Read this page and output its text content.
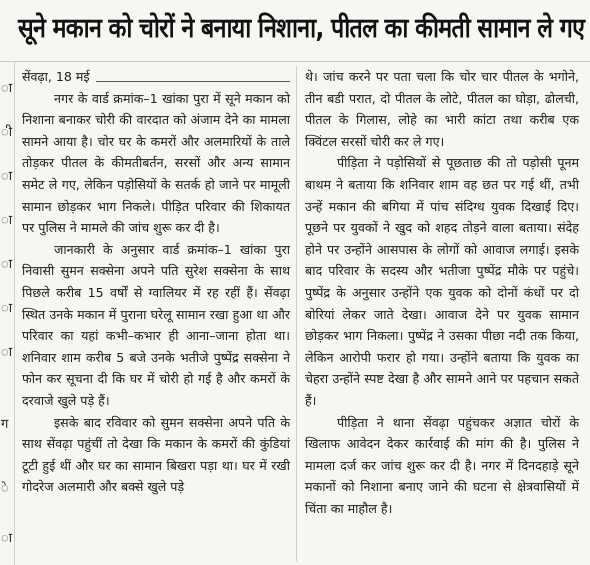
सूने मकान को चोरों ने बनाया निशाना, पीतल का कीमती सामान ले गए
ा
ी
ा
ा
ा
ा
ा
ग
े
ा
सेंवढ़ा, 18 मई

नगर के वार्ड क्रमांक–1 खांका पुरा में सूने मकान को निशाना बनाकर चोरी की वारदात को अंजाम देने का मामला सामने आया है। चोर घर के कमरों और अलमारियों के ताले तोड़कर पीतल के कीमतीबर्तन, सरसों और अन्य सामान समेट ले गए, लेकिन पड़ोसियों के सतर्क हो जाने पर मामूली सामान छोड़कर भाग निकले। पीड़ित परिवार की शिकायत पर पुलिस ने मामले की जांच शुरू कर दी है।

जानकारी के अनुसार वार्ड क्रमांक–1 खांका पुरा निवासी सुमन सक्सेना अपने पति सुरेश सक्सेना के साथ पिछले करीब 15 वर्षों से ग्वालियर में रह रहीं हैं। सेंवढ़ा स्थित उनके मकान में पुराना घरेलू सामान रखा हुआ था और परिवार का यहां कभी–कभार ही आना–जाना होता था। शनिवार शाम करीब 5 बजे उनके भतीजे पुष्पेंद्र सक्सेना ने फोन कर सूचना दी कि घर में चोरी हो गई है और कमरों के दरवाजे खुले पड़े हैं।

इसके बाद रविवार को सुमन सक्सेना अपने पति के साथ सेंवढ़ा पहुंचीं तो देखा कि मकान के कमरों की कुंडियां टूटी हुई थीं और घर का सामान बिखरा पड़ा था। घर में रखी गोदरेज अलमारी और बक्से खुले पड़े

थे। जांच करने पर पता चला कि चोर चार पीतल के भगोने, तीन बडी परात, दो पीतल के लोटे, पीतल का घोड़ा, ढोलची, पीतल के गिलास, लोहे का भारी कांटा तथा करीब एक क्विंटल सरसों चोरी कर ले गए।

पीड़िता ने पड़ोसियों से पूछताछ की तो पड़ोसी पूनम बाथम ने बताया कि शनिवार शाम वह छत पर गई थीं, तभी उन्हें मकान की बगिया में पांच संदिग्ध युवक दिखाई दिए। पूछने पर युवकों ने खुद को शहद तोड़ने वाला बताया। संदेह होने पर उन्होंने आसपास के लोगों को आवाज लगाई। इसके बाद परिवार के सदस्य और भतीजा पुष्पेंद्र मौके पर पहुंचे। पुष्पेंद्र के अनुसार उन्होंने एक युवक को दोनों कंधों पर दो बोरियां लेकर जाते देखा। आवाज देने पर युवक सामान छोड़कर भाग निकला। पुष्पेंद्र ने उसका पीछा नदी तक किया, लेकिन आरोपी फरार हो गया। उन्होंने बताया कि युवक का चेहरा उन्होंने स्पष्ट देखा है और सामने आने पर पहचान सकते हैं।

पीड़िता ने थाना सेंवढ़ा पहुंचकर अज्ञात चोरों के खिलाफ आवेदन देकर कार्रवाई की मांग की है। पुलिस ने मामला दर्ज कर जांच शुरू कर दी है। नगर में दिनदहाड़े सूने मकानों को निशाना बनाए जाने की घटना से क्षेत्रवासियों में चिंता का माहौल है।
